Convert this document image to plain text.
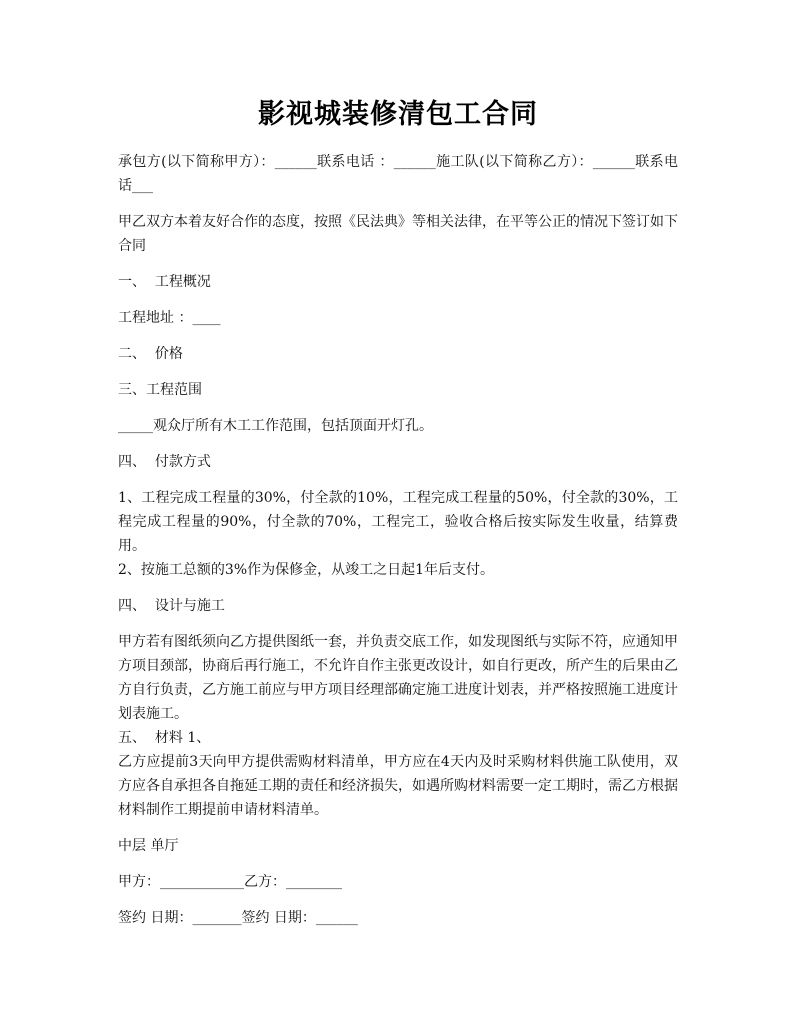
影视城装修清包工合同

承包方(以下简称甲方）：______联系电话 ：______施工队(以下简称乙方）：______联系电话___

甲乙双方本着友好合作的态度，按照《民法典》等相关法律，在平等公正的情况下签订如下合同

一、  工程概况

工程地址 ：____

二、  价格

三、工程范围

_____观众厅所有木工工作范围，包括顶面开灯孔。

四、  付款方式

1、工程完成工程量的30%，付全款的10%，工程完成工程量的50%，付全款的30%，工程完成工程量的90%，付全款的70%，工程完工，验收合格后按实际发生收量，结算费用。

2、按施工总额的3%作为保修金，从竣工之日起1年后支付。

四、  设计与施工

甲方若有图纸须向乙方提供图纸一套，并负责交底工作，如发现图纸与实际不符，应通知甲方项目颈部，协商后再行施工，不允许自作主张更改设计，如自行更改，所产生的后果由乙方自行负责，乙方施工前应与甲方项目经理部确定施工进度计划表，并严格按照施工进度计划表施工。

五、  材料 1、

乙方应提前3天向甲方提供需购材料清单，甲方应在4天内及时采购材料供施工队使用，双方应各自承担各自拖延工期的责任和经济损失，如遇所购材料需要一定工期时，需乙方根据材料制作工期提前申请材料清单。

中层 单厅

甲方：____________乙方：________

签约 日期：_______签约 日期：______
